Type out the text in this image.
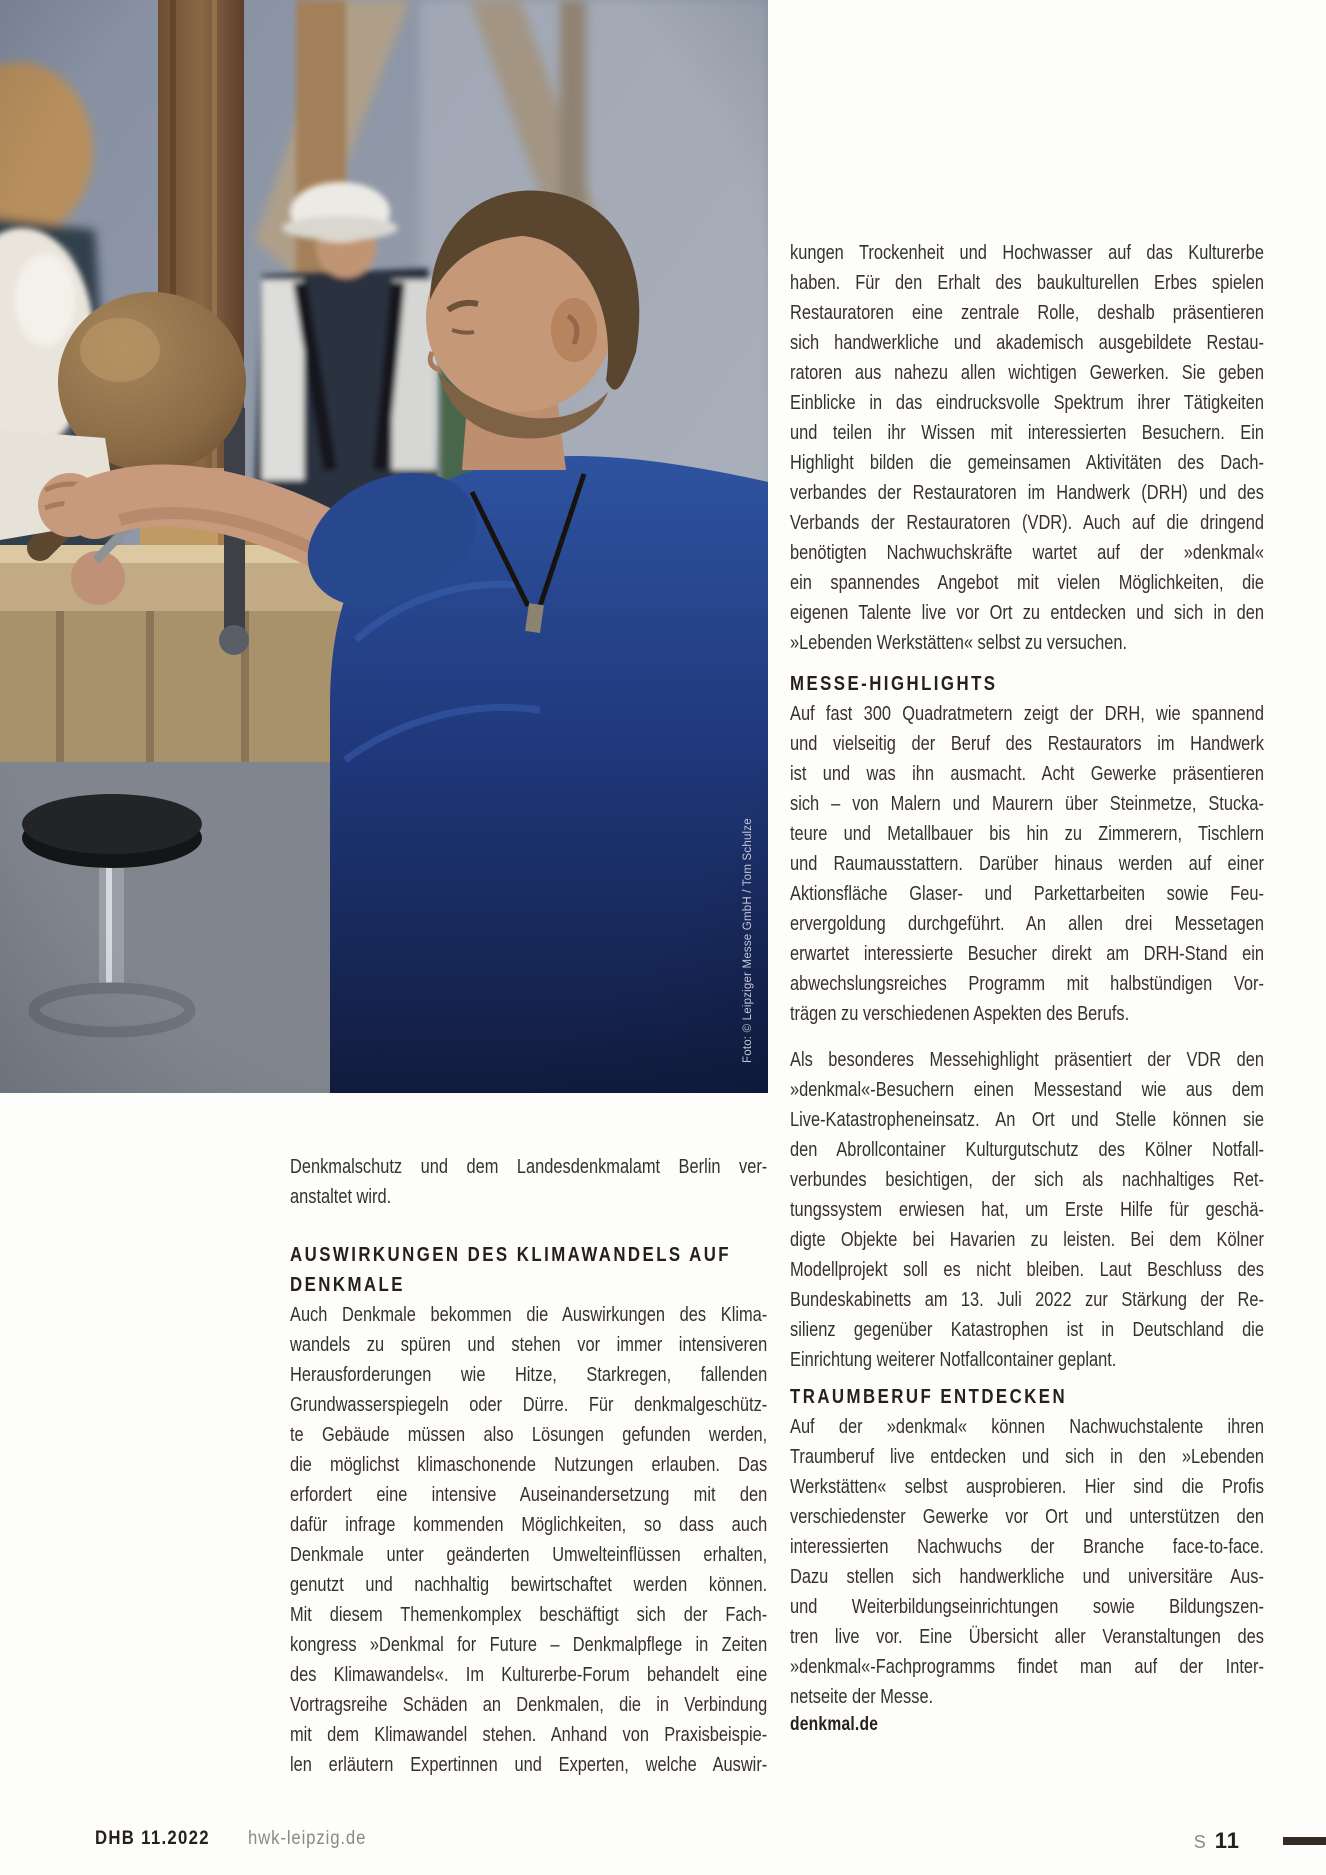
Foto: © Leipziger Messe GmbH / Tom Schulze
kungen Trockenheit und Hochwasser auf das Kulturerbe
haben. Für den Erhalt des baukulturellen Erbes spielen
Restauratoren eine zentrale Rolle, deshalb präsentieren
sich handwerkliche und akademisch ausgebildete Restau-
ratoren aus nahezu allen wichtigen Gewerken. Sie geben
Einblicke in das eindrucksvolle Spektrum ihrer Tätigkeiten
und teilen ihr Wissen mit interessierten Besuchern. Ein
Highlight bilden die gemeinsamen Aktivitäten des Dach-
verbandes der Restauratoren im Handwerk (DRH) und des
Verbands der Restauratoren (VDR). Auch auf die dringend
benötigten Nachwuchskräfte wartet auf der »denkmal«
ein spannendes Angebot mit vielen Möglichkeiten, die
eigenen Talente live vor Ort zu entdecken und sich in den
»Lebenden Werkstätten« selbst zu versuchen.
MESSE-HIGHLIGHTS
Auf fast 300 Quadratmetern zeigt der DRH, wie spannend
und vielseitig der Beruf des Restaurators im Handwerk
ist und was ihn ausmacht. Acht Gewerke präsentieren
sich – von Malern und Maurern über Steinmetze, Stucka-
teure und Metallbauer bis hin zu Zimmerern, Tischlern
und Raumausstattern. Darüber hinaus werden auf einer
Aktionsfläche Glaser- und Parkettarbeiten sowie Feu-
ervergoldung durchgeführt. An allen drei Messetagen
erwartet interessierte Besucher direkt am DRH-Stand ein
abwechslungsreiches Programm mit halbstündigen Vor-
trägen zu verschiedenen Aspekten des Berufs.
Als besonderes Messehighlight präsentiert der VDR den
»denkmal«-Besuchern einen Messestand wie aus dem
Live-Katastropheneinsatz. An Ort und Stelle können sie
den Abrollcontainer Kulturgutschutz des Kölner Notfall-
verbundes besichtigen, der sich als nachhaltiges Ret-
tungssystem erwiesen hat, um Erste Hilfe für geschä-
digte Objekte bei Havarien zu leisten. Bei dem Kölner
Modellprojekt soll es nicht bleiben. Laut Beschluss des
Bundeskabinetts am 13. Juli 2022 zur Stärkung der Re-
silienz gegenüber Katastrophen ist in Deutschland die
Einrichtung weiterer Notfallcontainer geplant.
TRAUMBERUF ENTDECKEN
Auf der »denkmal« können Nachwuchstalente ihren
Traumberuf live entdecken und sich in den »Lebenden
Werkstätten« selbst ausprobieren. Hier sind die Profis
verschiedenster Gewerke vor Ort und unterstützen den
interessierten Nachwuchs der Branche face-to-face.
Dazu stellen sich handwerkliche und universitäre Aus-
und Weiterbildungseinrichtungen sowie Bildungszen-
tren live vor. Eine Übersicht aller Veranstaltungen des
»denkmal«-Fachprogramms findet man auf der Inter-
netseite der Messe.
denkmal.de
Denkmalschutz und dem Landesdenkmalamt Berlin ver-
anstaltet wird.
AUSWIRKUNGEN DES KLIMAWANDELS AUF DENKMALE
Auch Denkmale bekommen die Auswirkungen des Klima-
wandels zu spüren und stehen vor immer intensiveren
Herausforderungen wie Hitze, Starkregen, fallenden
Grundwasserspiegeln oder Dürre. Für denkmalgeschütz-
te Gebäude müssen also Lösungen gefunden werden,
die möglichst klimaschonende Nutzungen erlauben. Das
erfordert eine intensive Auseinandersetzung mit den
dafür infrage kommenden Möglichkeiten, so dass auch
Denkmale unter geänderten Umwelteinflüssen erhalten,
genutzt und nachhaltig bewirtschaftet werden können.
Mit diesem Themenkomplex beschäftigt sich der Fach-
kongress »Denkmal for Future – Denkmalpflege in Zeiten
des Klimawandels«. Im Kulturerbe-Forum behandelt eine
Vortragsreihe Schäden an Denkmalen, die in Verbindung
mit dem Klimawandel stehen. Anhand von Praxisbeispie-
len erläutern Expertinnen und Experten, welche Auswir-
DHB 11.2022 hwk-leipzig.de	S 11
